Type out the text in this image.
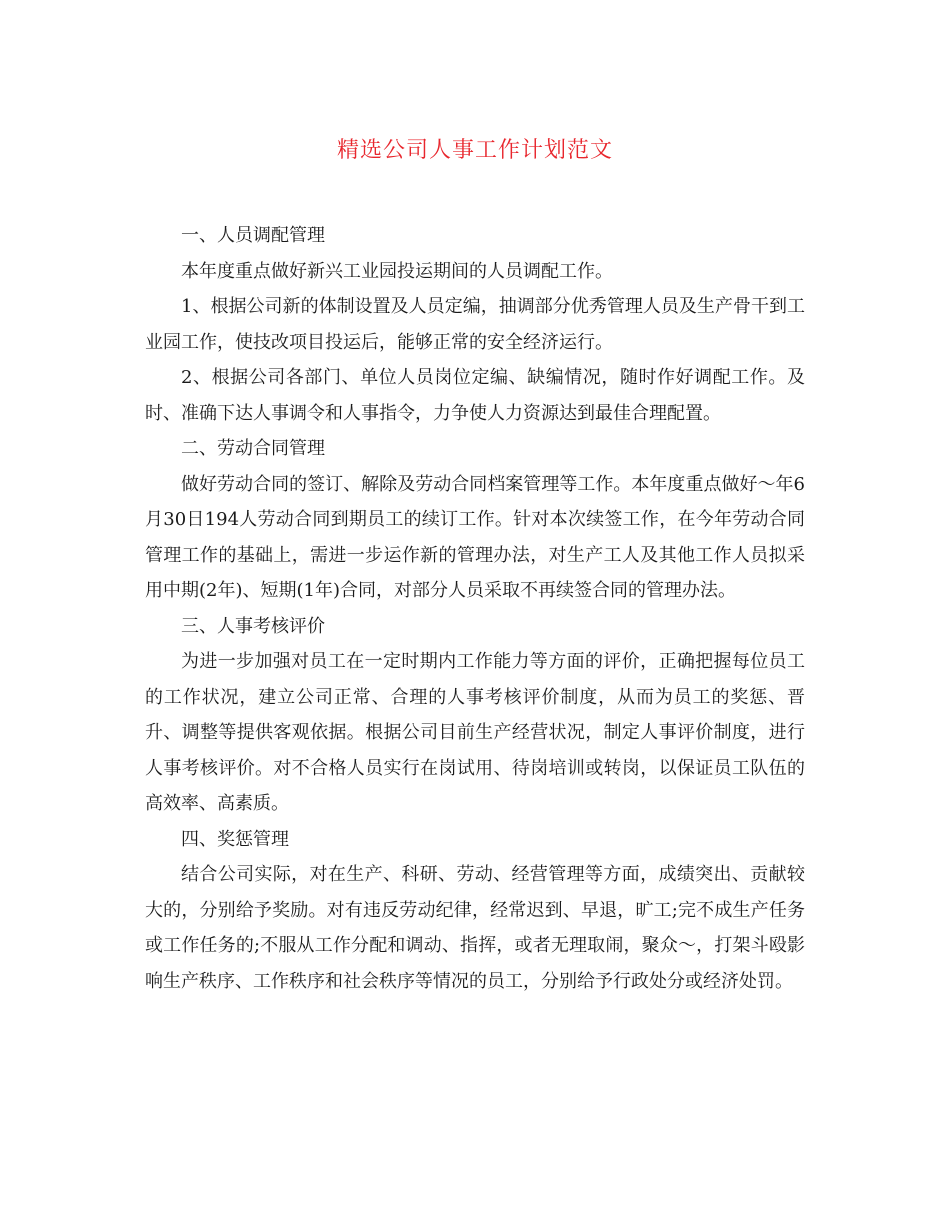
精选公司人事工作计划范文

一、人员调配管理

本年度重点做好新兴工业园投运期间的人员调配工作。

1、根据公司新的体制设置及人员定编，抽调部分优秀管理人员及生产骨干到工业园工作，使技改项目投运后，能够正常的安全经济运行。

2、根据公司各部门、单位人员岗位定编、缺编情况，随时作好调配工作。及时、准确下达人事调令和人事指令，力争使人力资源达到最佳合理配置。

二、劳动合同管理

做好劳动合同的签订、解除及劳动合同档案管理等工作。本年度重点做好～年6月30日194人劳动合同到期员工的续订工作。针对本次续签工作，在今年劳动合同管理工作的基础上，需进一步运作新的管理办法，对生产工人及其他工作人员拟采用中期(2年)、短期(1年)合同，对部分人员采取不再续签合同的管理办法。

三、人事考核评价

为进一步加强对员工在一定时期内工作能力等方面的评价，正确把握每位员工的工作状况，建立公司正常、合理的人事考核评价制度，从而为员工的奖惩、晋升、调整等提供客观依据。根据公司目前生产经营状况，制定人事评价制度，进行人事考核评价。对不合格人员实行在岗试用、待岗培训或转岗，以保证员工队伍的高效率、高素质。

四、奖惩管理

结合公司实际，对在生产、科研、劳动、经营管理等方面，成绩突出、贡献较大的，分别给予奖励。对有违反劳动纪律，经常迟到、早退，旷工;完不成生产任务或工作任务的;不服从工作分配和调动、指挥，或者无理取闹，聚众～，打架斗殴影响生产秩序、工作秩序和社会秩序等情况的员工，分别给予行政处分或经济处罚。
